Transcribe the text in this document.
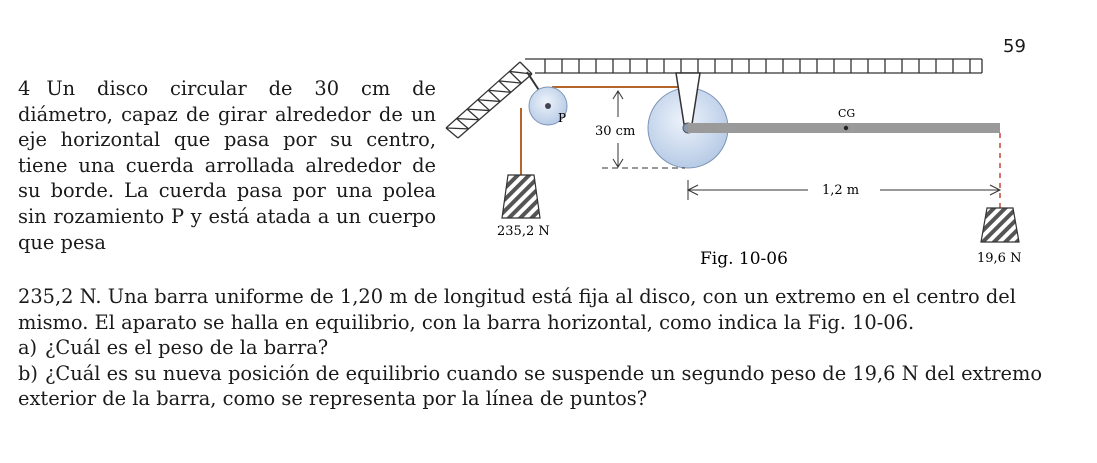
59
4 Un disco circular de 30 cm de diámetro, capaz de girar alrededor de un eje horizontal que pasa por su centro, tiene una cuerda arrollada alrededor de su borde. La cuerda pasa por una polea sin rozamiento P y está atada a un cuerpo que pesa
235,2 N. Una barra uniforme de 1,20 m de longitud está fija al disco, con un extremo en el centro del mismo. El aparato se halla en equilibrio, con la barra horizontal, como indica la Fig. 10-06.
a) ¿Cuál es el peso de la barra?
b) ¿Cuál es su nueva posición de equilibrio cuando se suspende un segundo peso de 19,6 N del extremo exterior de la barra, como se representa por la línea de puntos?
P	CG
30 cm
1,2 m
235,2 N
19,6 N
Fig. 10-06
